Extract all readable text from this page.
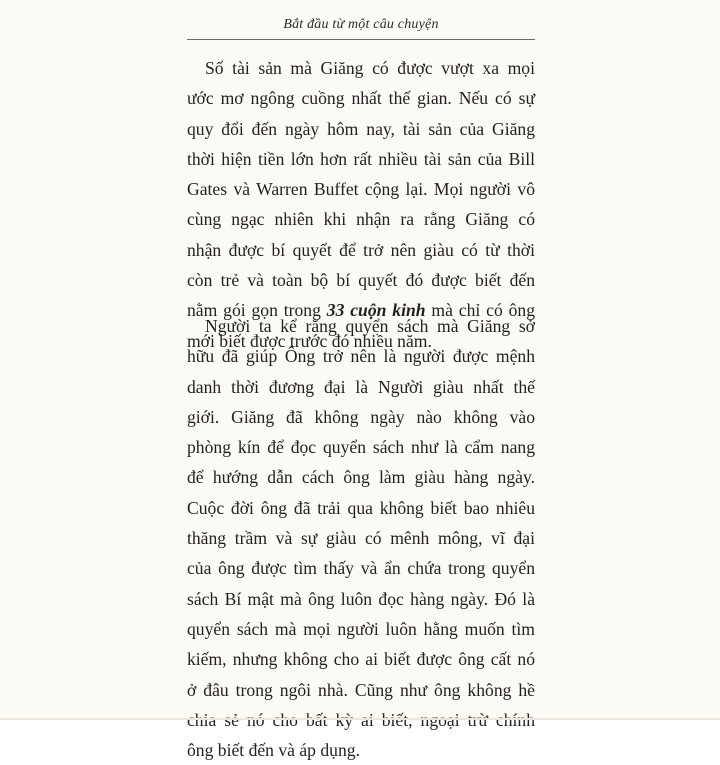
Bắt đầu từ một câu chuyện
Số tài sản mà Giăng có được vượt xa mọi
ước mơ ngông cuồng nhất thế gian. Nếu có sự
quy đổi đến ngày hôm nay, tài sản của Giăng
thời hiện tiền lớn hơn rất nhiều tài sản của Bill
Gates và Warren Buffet cộng lại. Mọi người vô
cùng ngạc nhiên khi nhận ra rằng Giăng có
nhận được bí quyết để trở nên giàu có từ thời
còn trẻ và toàn bộ bí quyết đó được biết đến
nằm gói gọn trong 33 cuộn kinh mà chỉ có ông
mới biết được trước đó nhiều năm.
Người ta kể rằng quyển sách mà Giăng sở
hữu đã giúp Ông trở nên là người được mệnh
danh thời đương đại là Người giàu nhất thế
giới. Giăng đã không ngày nào không vào
phòng kín để đọc quyển sách như là cẩm nang
để hướng dẫn cách ông làm giàu hàng ngày.
Cuộc đời ông đã trải qua không biết bao nhiêu
thăng trầm và sự giàu có mênh mông, vĩ đại
của ông được tìm thấy và ẩn chứa trong quyển
sách Bí mật mà ông luôn đọc hàng ngày. Đó là
quyển sách mà mọi người luôn hằng muốn tìm
kiếm, nhưng không cho ai biết được ông cất nó
ở đâu trong ngôi nhà. Cũng như ông không hề
ông biết đến và áp dụng.
